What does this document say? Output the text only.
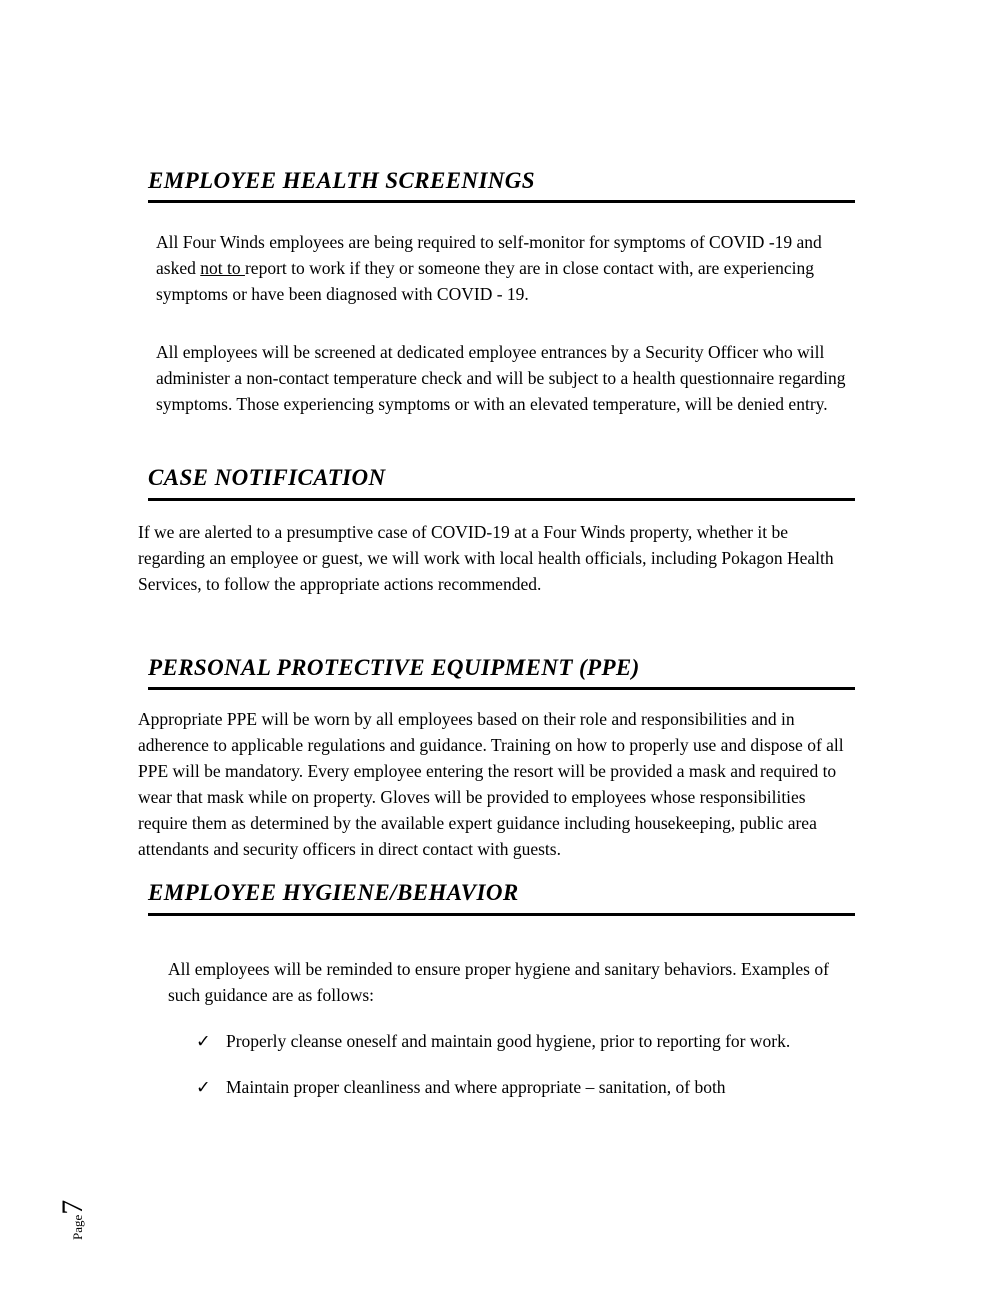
EMPLOYEE HEALTH SCREENINGS

All Four Winds employees are being required to self-monitor for symptoms of COVID -19 and asked not to report to work if they or someone they are in close contact with, are experiencing symptoms or have been diagnosed with COVID - 19.

All employees will be screened at dedicated employee entrances by a Security Officer who will administer a non-contact temperature check and will be subject to a health questionnaire regarding symptoms. Those experiencing symptoms or with an elevated temperature, will be denied entry.

CASE NOTIFICATION

If we are alerted to a presumptive case of COVID-19 at a Four Winds property, whether it be regarding an employee or guest, we will work with local health officials, including Pokagon Health Services, to follow the appropriate actions recommended.

PERSONAL PROTECTIVE EQUIPMENT (PPE)

Appropriate PPE will be worn by all employees based on their role and responsibilities and in adherence to applicable regulations and guidance. Training on how to properly use and dispose of all PPE will be mandatory. Every employee entering the resort will be provided a mask and required to wear that mask while on property. Gloves will be provided to employees whose responsibilities require them as determined by the available expert guidance including housekeeping, public area attendants and security officers in direct contact with guests.

EMPLOYEE HYGIENE/BEHAVIOR

All employees will be reminded to ensure proper hygiene and sanitary behaviors. Examples of such guidance are as follows:

✓ Properly cleanse oneself and maintain good hygiene, prior to reporting for work.
✓ Maintain proper cleanliness and where appropriate – sanitation, of both
Page7
